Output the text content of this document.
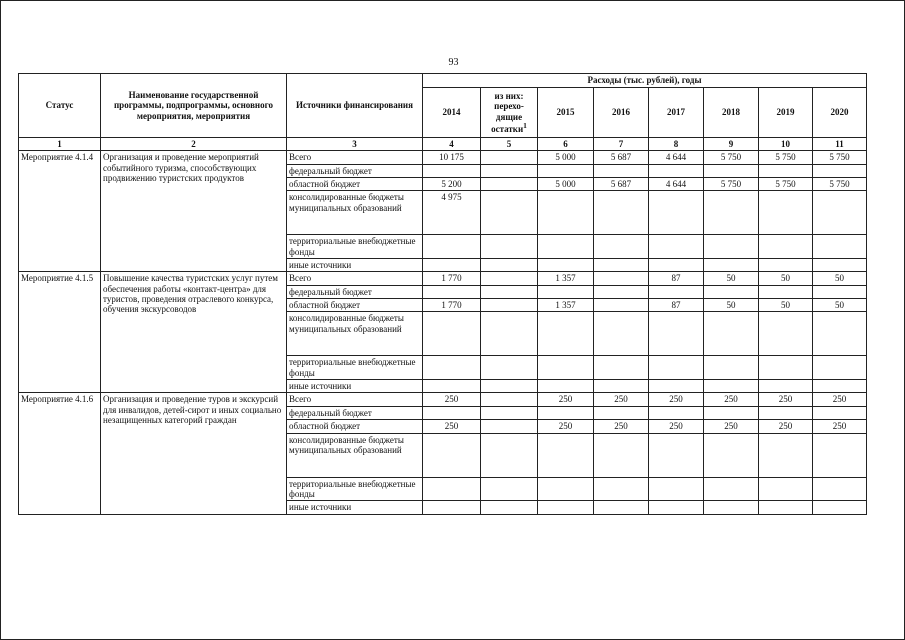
93
Статус	Наименование государственной программы, подпрограммы, основного мероприятия, мероприятия	Источники финансирования	Расходы (тыс. рублей), годы							
			2014	из них: перехо-дящие остатки$^1$	2015	2016	2017	2018	2019	2020
1	2	3	4	5	6	7	8	9	10	11
Мероприятие 4.1.4	Организация и проведение мероприятий событийного туризма, способствующих продвижению туристских продуктов	Всего	10 175		5 000	5 687	4 644	5 750	5 750	5 750
		федеральный бюджет								
		областной бюджет	5 200		5 000	5 687	4 644	5 750	5 750	5 750
		консолидированные бюджеты муниципальных образований	4 975							
		территориальные внебюджетные фонды								
		иные источники								
Мероприятие 4.1.5	Повышение качества туристских услуг путем обеспечения работы «контакт-центра» для туристов, проведения отраслевого конкурса, обучения экскурсоводов	Всего	1 770		1 357		87	50	50	50
		федеральный бюджет								
		областной бюджет	1 770		1 357		87	50	50	50
		консолидированные бюджеты муниципальных образований								
		территориальные внебюджетные фонды								
		иные источники								
Мероприятие 4.1.6	Организация и проведение туров и экскурсий для инвалидов, детей-сирот и иных социально незащищенных категорий граждан	Всего	250		250	250	250	250	250	250
		федеральный бюджет								
		областной бюджет	250		250	250	250	250	250	250
		консолидированные бюджеты муниципальных образований								
		территориальные внебюджетные фонды								
		иные источники								
